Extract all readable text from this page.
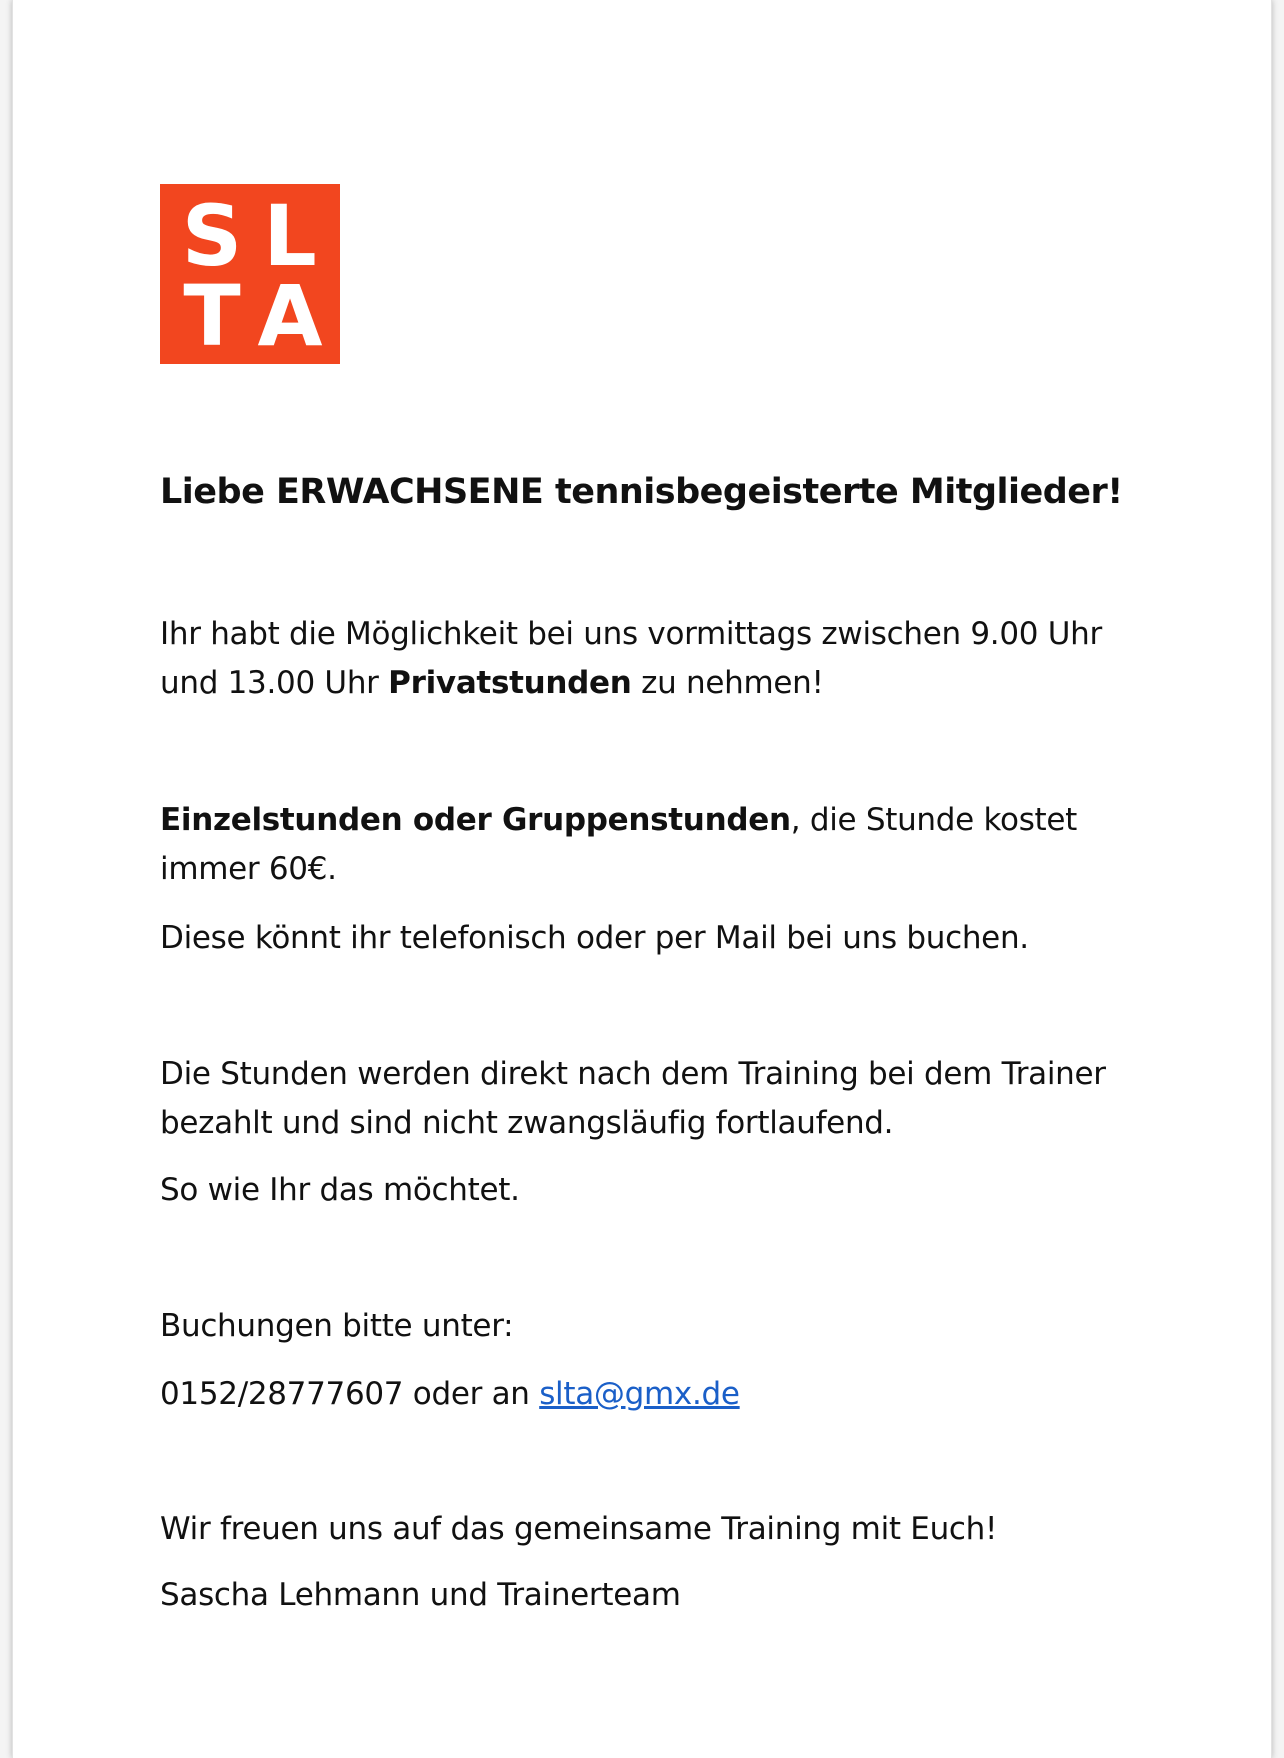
S L
T A
Liebe ERWACHSENE tennisbegeisterte Mitglieder!
Ihr habt die Möglichkeit bei uns vormittags zwischen 9.00 Uhr und 13.00 Uhr Privatstunden zu nehmen!
Einzelstunden oder Gruppenstunden, die Stunde kostet immer 60€.
Diese könnt ihr telefonisch oder per Mail bei uns buchen.
Die Stunden werden direkt nach dem Training bei dem Trainer bezahlt und sind nicht zwangsläufig fortlaufend.
So wie Ihr das möchtet.
Buchungen bitte unter:
0152/28777607 oder an slta@gmx.de
Wir freuen uns auf das gemeinsame Training mit Euch!
Sascha Lehmann und Trainerteam
